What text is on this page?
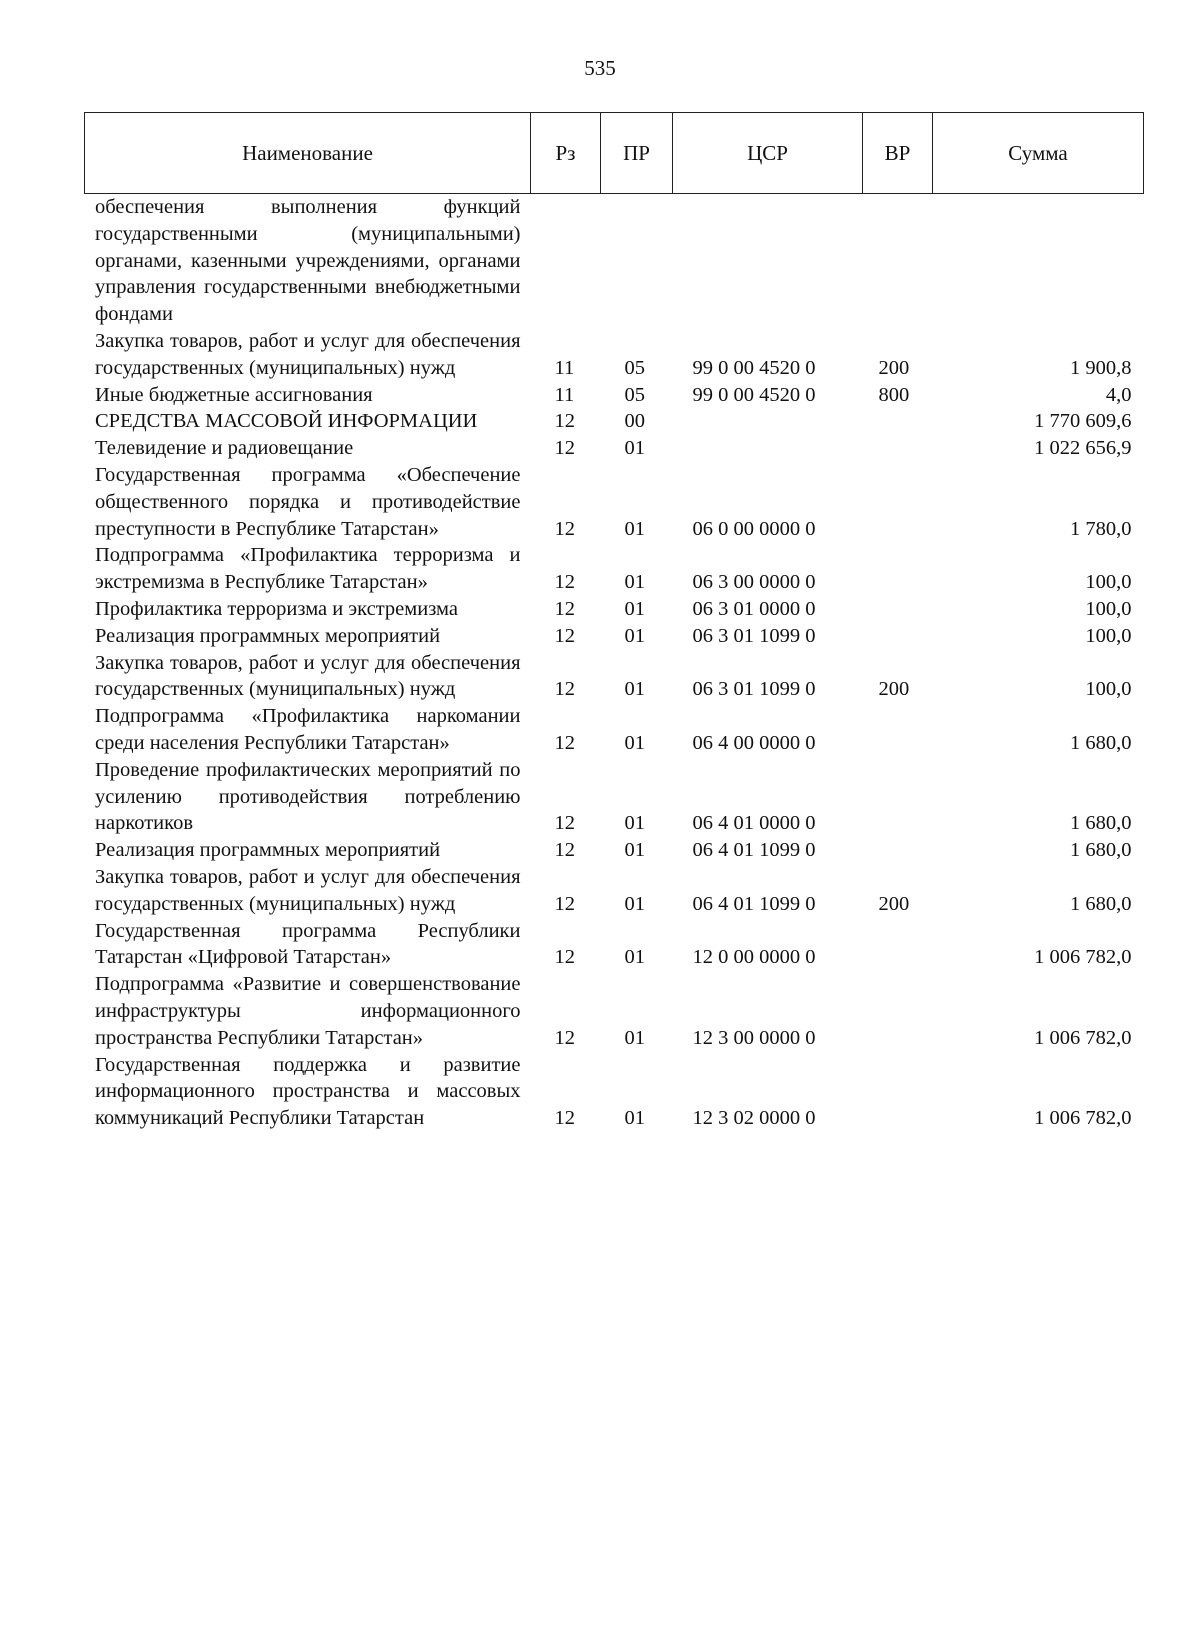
535
Наименование	Рз	ПР	ЦСР	ВР	Сумма
обеспечения выполнения функций государственными (муниципальными) органами, казенными учреждениями, органами управления государственными внебюджетными фондами					
Закупка товаров, работ и услуг для обеспечения государственных (муниципальных) нужд	11	05	99 0 00 4520 0	200	1 900,8
Иные бюджетные ассигнования	11	05	99 0 00 4520 0	800	4,0
СРЕДСТВА МАССОВОЙ ИНФОРМАЦИИ	12	00			1 770 609,6
Телевидение и радиовещание	12	01			1 022 656,9
Государственная программа «Обеспечение общественного порядка и противодействие преступности в Республике Татарстан»	12	01	06 0 00 0000 0		1 780,0
Подпрограмма «Профилактика терроризма и экстремизма в Республике Татарстан»	12	01	06 3 00 0000 0		100,0
Профилактика терроризма и экстремизма	12	01	06 3 01 0000 0		100,0
Реализация программных мероприятий	12	01	06 3 01 1099 0		100,0
Закупка товаров, работ и услуг для обеспечения государственных (муниципальных) нужд	12	01	06 3 01 1099 0	200	100,0
Подпрограмма «Профилактика наркомании среди населения Республики Татарстан»	12	01	06 4 00 0000 0		1 680,0
Проведение профилактических мероприятий по усилению противодействия потреблению наркотиков	12	01	06 4 01 0000 0		1 680,0
Реализация программных мероприятий	12	01	06 4 01 1099 0		1 680,0
Закупка товаров, работ и услуг для обеспечения государственных (муниципальных) нужд	12	01	06 4 01 1099 0	200	1 680,0
Государственная программа Республики Татарстан «Цифровой Татарстан»	12	01	12 0 00 0000 0		1 006 782,0
Подпрограмма «Развитие и совершенствование инфраструктуры информационного пространства Республики Татарстан»	12	01	12 3 00 0000 0		1 006 782,0
Государственная поддержка и развитие информационного пространства и массовых коммуникаций Республики Татарстан	12	01	12 3 02 0000 0		1 006 782,0
